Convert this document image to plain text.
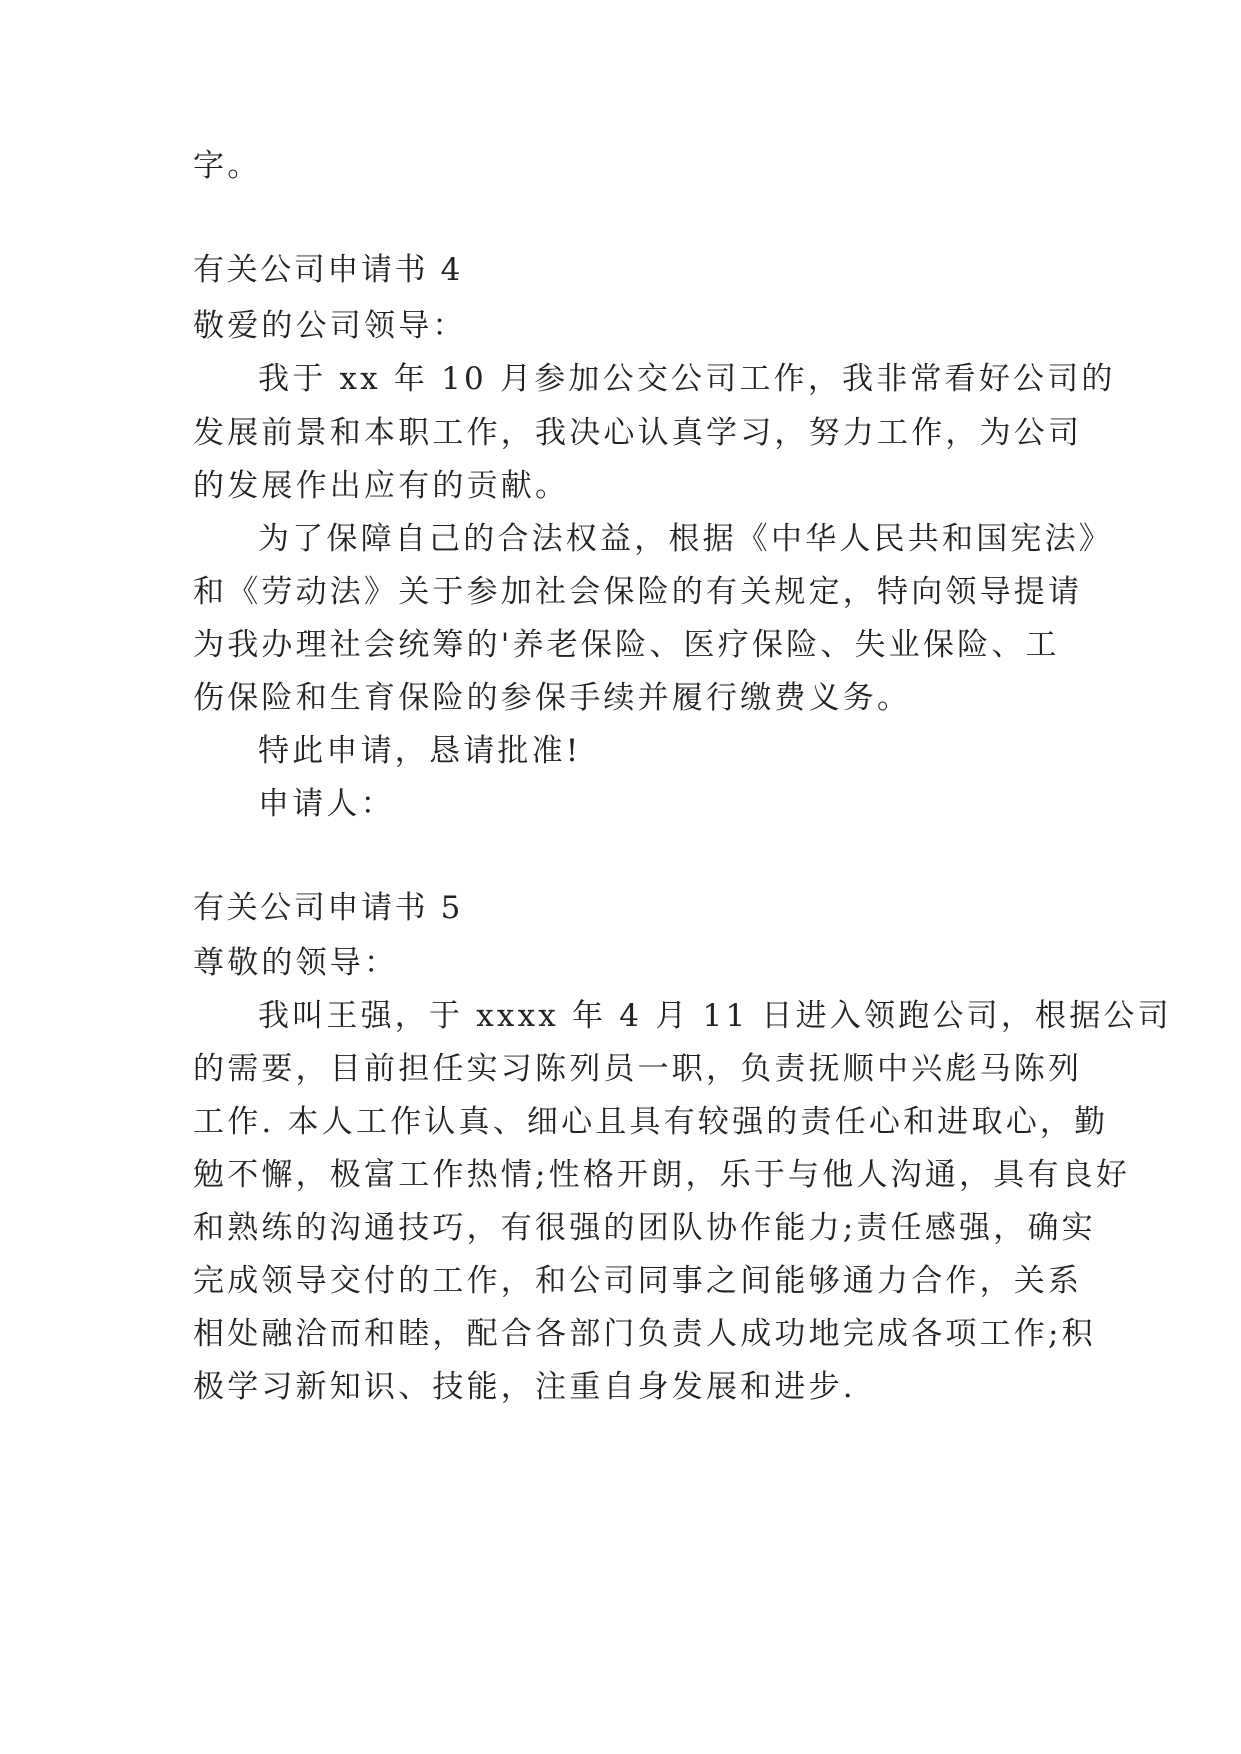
字。
有关公司申请书 4
敬爱的公司领导：
我于 xx 年 10 月参加公交公司工作，我非常看好公司的
发展前景和本职工作，我决心认真学习，努力工作，为公司
的发展作出应有的贡献。
为了保障自己的合法权益，根据《中华人民共和国宪法》
和《劳动法》关于参加社会保险的有关规定，特向领导提请
为我办理社会统筹的'养老保险、医疗保险、失业保险、工
伤保险和生育保险的参保手续并履行缴费义务。
特此申请，恳请批准!
申请人：
有关公司申请书 5
尊敬的领导：
我叫王强，于 xxxx 年 4 月 11 日进入领跑公司，根据公司
的需要，目前担任实习陈列员一职，负责抚顺中兴彪马陈列
工作. 本人工作认真、细心且具有较强的责任心和进取心，勤
勉不懈，极富工作热情;性格开朗，乐于与他人沟通，具有良好
和熟练的沟通技巧，有很强的团队协作能力;责任感强，确实
完成领导交付的工作，和公司同事之间能够通力合作，关系
相处融洽而和睦，配合各部门负责人成功地完成各项工作;积
极学习新知识、技能，注重自身发展和进步.
